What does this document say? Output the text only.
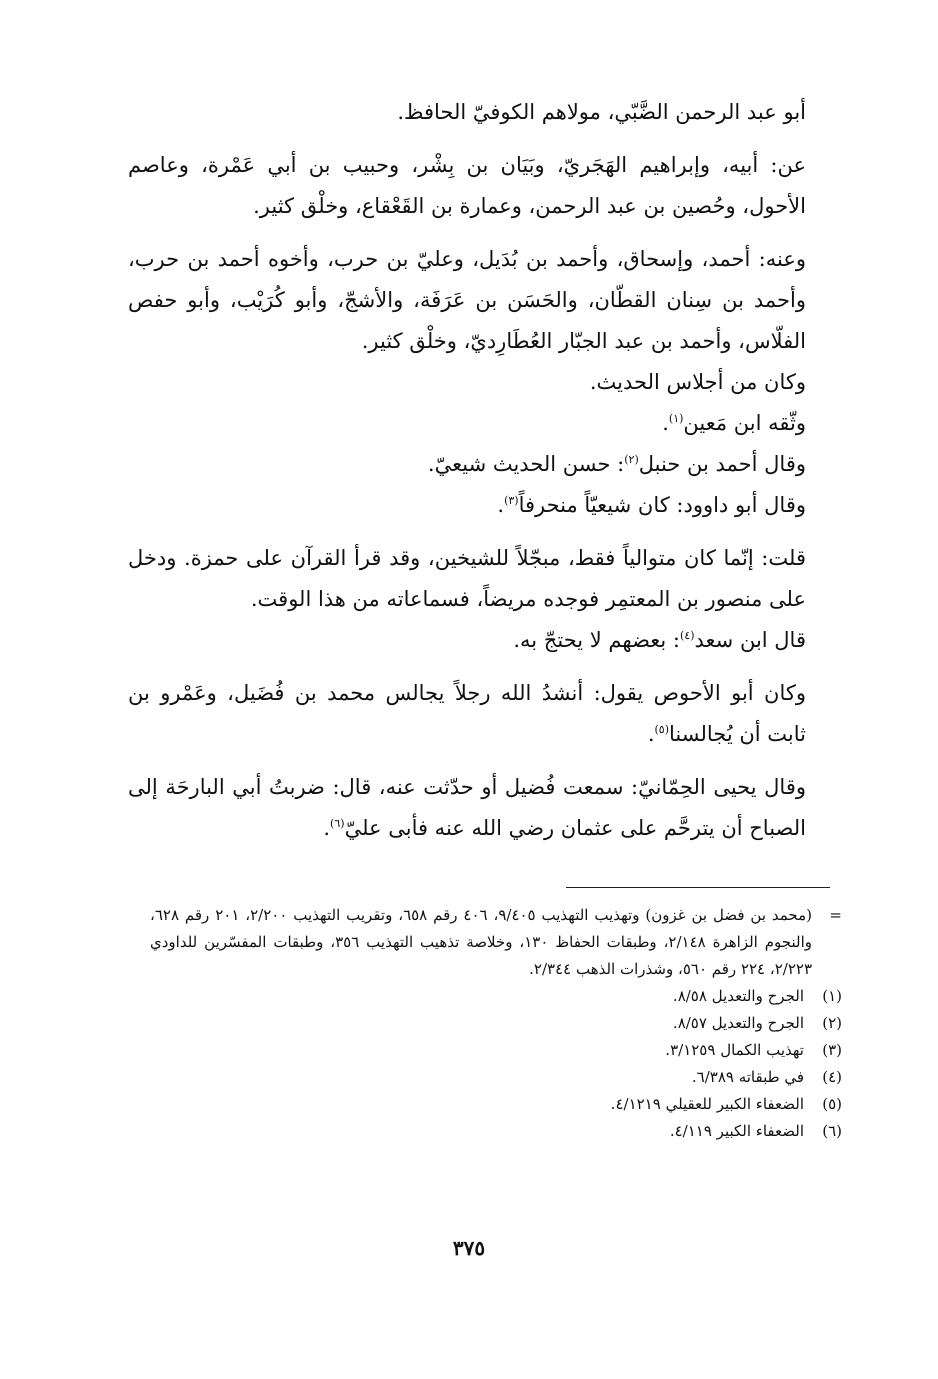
أبو عبد الرحمن الضَّبّي، مولاهم الكوفيّ الحافظ.

عن: أبيه، وإبراهيم الهَجَريّ، وبَيَان بن بِشْر، وحبيب بن أبي عَمْرة، وعاصم الأحول، وحُصين بن عبد الرحمن، وعمارة بن القَعْقاع، وخلْق كثير.

وعنه: أحمد، وإسحاق، وأحمد بن بُدَيل، وعليّ بن حرب، وأخوه أحمد بن حرب، وأحمد بن سِنان القطّان، والحَسَن بن عَرَفَة، والأشجّ، وأبو كُرَيْب، وأبو حفص الفلّاس، وأحمد بن عبد الجبّار العُطَارِديّ، وخلْق كثير.

وكان من أجلاس الحديث.

وثّقه ابن مَعين$^{(١)}$.

وقال أحمد بن حنبل$^{(٢)}$: حسن الحديث شيعيّ.

وقال أبو داوود: كان شيعيّاً منحرفاً$^{(٣)}$.

قلت: إنّما كان متوالياً فقط، مبجّلاً للشيخين، وقد قرأ القرآن على حمزة. ودخل على منصور بن المعتمِر فوجده مريضاً، فسماعاته من هذا الوقت.

قال ابن سعد$^{(٤)}$: بعضهم لا يحتجّ به.

وكان أبو الأحوص يقول: أنشدُ الله رجلاً يجالس محمد بن فُضَيل، وعَمْرو بن ثابت أن يُجالسنا$^{(٥)}$.

وقال يحيى الحِمّانيّ: سمعت فُضيل أو حدّثت عنه، قال: ضربتُ أبي البارحَة إلى الصباح أن يترحَّم على عثمان رضي الله عنه فأبى عليّ$^{(٦)}$.

=
(محمد بن فضل بن غزون) وتهذيب التهذيب ٩/٤٠٥، ٤٠٦ رقم ٦٥٨، وتقريب التهذيب ٢/٢٠٠، ٢٠١ رقم ٦٢٨، والنجوم الزاهرة ٢/١٤٨، وطبقات الحفاظ ١٣٠، وخلاصة تذهيب التهذيب ٣٥٦، وطبقات المفسّرين للداودي ٢/٢٢٣، ٢٢٤ رقم ٥٦٠، وشذرات الذهب ٢/٣٤٤.
(١)
الجرح والتعديل ٨/٥٨.
(٢)
الجرح والتعديل ٨/٥٧.
(٣)
تهذيب الكمال ٣/١٢٥٩.
(٤)
في طبقاته ٦/٣٨٩.
(٥)
الضعفاء الكبير للعقيلي ٤/١٢١٩.
(٦)
الضعفاء الكبير ٤/١١٩.
٣٧٥
